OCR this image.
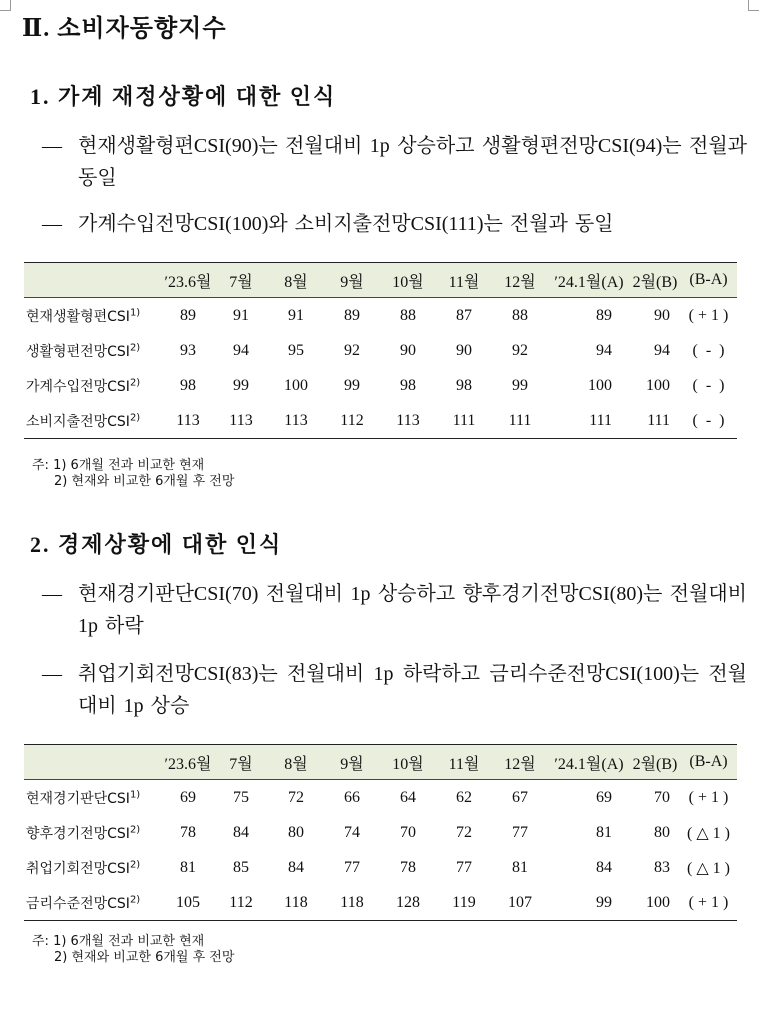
Ⅱ. 소비자동향지수
1. 가계 재정상황에 대한 인식
— 현재생활형편CSI(90)는 전월대비 1p 상승하고 생활형편전망CSI(94)는 전월과 동일
— 가계수입전망CSI(100)와 소비지출전망CSI(111)는 전월과 동일
	′23.6월	7월	8월	9월	10월	11월	12월	′24.1월(A)	2월(B)	(B-A)
현재생활형편CSI$^{1)}$	89	91	91	89	88	87	88	89	90	( + 1 )
생활형편전망CSI$^{2)}$	93	94	95	92	90	90	92	94	94	(  -  )
가계수입전망CSI$^{2)}$	98	99	100	99	98	98	99	100	100	(  -  )
소비지출전망CSI$^{2)}$	113	113	113	112	113	111	111	111	111	(  -  )
주: 1) 6개월 전과 비교한 현재
2) 현재와 비교한 6개월 후 전망
2. 경제상황에 대한 인식
— 현재경기판단CSI(70) 전월대비 1p 상승하고 향후경기전망CSI(80)는 전월대비 1p 하락
— 취업기회전망CSI(83)는 전월대비 1p 하락하고 금리수준전망CSI(100)는 전월대비 1p 상승
	′23.6월	7월	8월	9월	10월	11월	12월	′24.1월(A)	2월(B)	(B-A)
현재경기판단CSI$^{1)}$	69	75	72	66	64	62	67	69	70	( + 1 )
향후경기전망CSI$^{2)}$	78	84	80	74	70	72	77	81	80	( △ 1 )
취업기회전망CSI$^{2)}$	81	85	84	77	78	77	81	84	83	( △ 1 )
금리수준전망CSI$^{2)}$	105	112	118	118	128	119	107	99	100	( + 1 )
주: 1) 6개월 전과 비교한 현재
2) 현재와 비교한 6개월 후 전망
